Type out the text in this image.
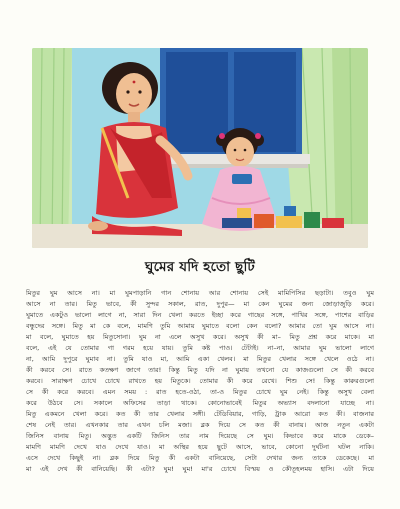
ঘুমের যদি হতো ছুটি

মিতুর ঘুম আসে না। মা ঘুমপাড়ানি গান শোনায় আর শোনায় সেই মামিপিসির ছড়াটা। তবুও ঘুম
আসে না তার। মিতু ভাবে, কী সুন্দর সকাল, রাত, দুপুর— মা কেন ঘুমের জন্য জোড়াজুড়ি করে।
ঘুমাতে একটুও ভালো লাগে না, সারা দিন খেলা করতে ইচ্ছা করে গাছের সঙ্গে, পাখির সঙ্গে, পাশের বাড়ির
বন্ধুদের সঙ্গে। মিতু মা কে বলে, মামণি তুমি আমায় ঘুমাতে বলো কেন বলো? আমার তো ঘুম আসে না।
মা বলে, ঘুমাতে হয় মিতুসোনা। ঘুম না এলে অসুখ করে। অসুখ কী মা– মিতু প্রশ্ন করে মাকে। মা
বলে, এই যে তোমার গা গরম হয়ে যায়। তুমি কষ্ট পাও। টেটাই। না–না, আমার ঘুম ভালো লাগে
না, আমি দুপুরে ঘুমাব না। তুমি যাও মা, আমি একা খেলব। মা মিতুর খেলার সঙ্গে খেলে ওঠে না।
কী করবে সে। রাতে কতক্ষণ জাগে তার! কিন্তু মিতু যদি না ঘুমায় তখনো যে কাজগুলো সে কী করবে
করবে। সারাক্ষণ চোখে চোখে রাখতে হয় মিতুকে। তোমার কী করে রেখে। শিশু সে! কিন্তু কারুরগুলো
সে কী করে করবে। এমন সময় : রাত হতে-ওঠা, তা-ও মিতুর চোখে ঘুম নেই। কিন্তু অসুখ বেলা
করে উঠবে সে। সকালে অফিসের তাড়া থাকে। কোনোভাবেই মিতুর অভ্যাস বদলানো যাচ্ছে না।
মিতু একমনে খেলা করে। কত কী তার খেলার সঙ্গী। টেডিবিয়ার, গাড়ি, ট্রাক আরো কত কী। বাজনার
শেষ নেই তার। এখনকার তার এখন চলি মজা। ব্লক দিয়ে সে কত কী বানায়। আজ নতুন একটা
জিনিস বানায় মিতু। অদ্ভুত একটি জিনিস তার নাম দিয়েছে সে ঘুম। কিভাবে করে মাকে ডেকে–
মামণি মামণি দেখে যাও দেখে যাও। মা অস্থির হয়ে ছুটে আসে, ভাবে, কোনো দুর্ঘটনা ঘটল নাকি।
এসে দেখে কিছুই না। ব্লক দিয়ে মিতু কী একটা বানিয়েছে, সেটা দেখার জন্য তাকে ডেকেছে। মা
মা এই দেখ কী বানিয়েছি। কী এটা? ঘুম! ঘুম! মা'র চোখে বিস্ময় ও কৌতূহলময় হাসি। এটা দিয়ে
